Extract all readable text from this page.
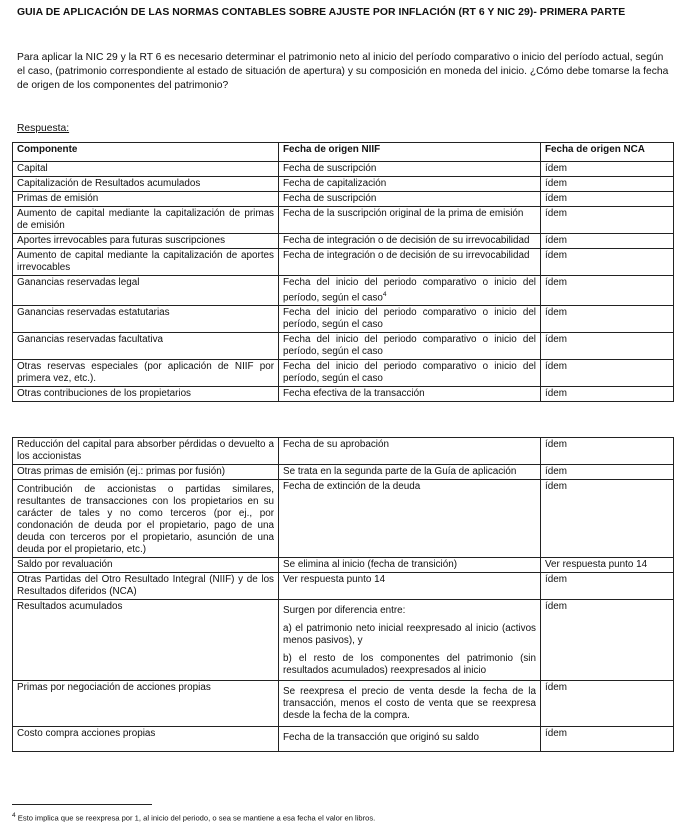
GUIA DE APLICACIÓN DE LAS NORMAS CONTABLES SOBRE AJUSTE POR INFLACIÓN (RT 6 Y NIC 29)- PRIMERA PARTE
Para aplicar la NIC 29 y la RT 6 es necesario determinar el patrimonio neto al inicio del período comparativo o inicio del período actual, según el caso, (patrimonio correspondiente al estado de situación de apertura) y su composición en moneda del inicio. ¿Cómo debe tomarse la fecha de origen de los componentes del patrimonio?
Respuesta:
Componente	Fecha de origen NIIF	Fecha de origen NCA
Capital	Fecha de suscripción	ídem
Capitalización de Resultados acumulados	Fecha de capitalización	ídem
Primas de emisión	Fecha de suscripción	ídem
Aumento de capital mediante la capitalización de primas de emisión	Fecha de la suscripción original de la prima de emisión	ídem
Aportes irrevocables para futuras suscripciones	Fecha de integración o de decisión de su irrevocabilidad	ídem
Aumento de capital mediante la capitalización de aportes irrevocables	Fecha de integración o de decisión de su irrevocabilidad	ídem
Ganancias reservadas legal	Fecha del inicio del periodo comparativo o inicio del período, según el caso$^4$	ídem
Ganancias reservadas estatutarias	Fecha del inicio del periodo comparativo o inicio del período, según el caso	ídem
Ganancias reservadas facultativa	Fecha del inicio del periodo comparativo o inicio del período, según el caso	ídem
Otras reservas especiales (por aplicación de NIIF por primera vez, etc.).	Fecha del inicio del periodo comparativo o inicio del período, según el caso	ídem
Otras contribuciones de los propietarios	Fecha efectiva de la transacción	ídem
Reducción del capital para absorber pérdidas o devuelto a los accionistas	Fecha de su aprobación	ídem
Otras primas de emisión (ej.: primas por fusión)	Se trata en la segunda parte de la Guía de aplicación	ídem
Contribución de accionistas o partidas similares, resultantes de transacciones con los propietarios en su carácter de tales y no como terceros (por ej., por condonación de deuda por el propietario, pago de una deuda con terceros por el propietario, asunción de una deuda por el propietario, etc.)	Fecha de extinción de la deuda	ídem
Saldo por revaluación	Se elimina al inicio (fecha de transición)	Ver respuesta punto 14
Otras Partidas del Otro Resultado Integral (NIIF) y de los Resultados diferidos (NCA)	Ver respuesta punto 14	ídem
Resultados acumulados	Surgen por diferencia entre:

a) el patrimonio neto inicial reexpresado al inicio (activos menos pasivos), y

b) el resto de los componentes del patrimonio (sin resultados acumulados) reexpresados al inicio	ídem
Primas por negociación de acciones propias	Se reexpresa el precio de venta desde la fecha de la transacción, menos el costo de venta que se reexpresa desde la fecha de la compra.	ídem
Costo compra acciones propias	Fecha de la transacción que originó su saldo	ídem
$^4$ Esto implica que se reexpresa por 1, al inicio del periodo, o sea se mantiene a esa fecha el valor en libros.
